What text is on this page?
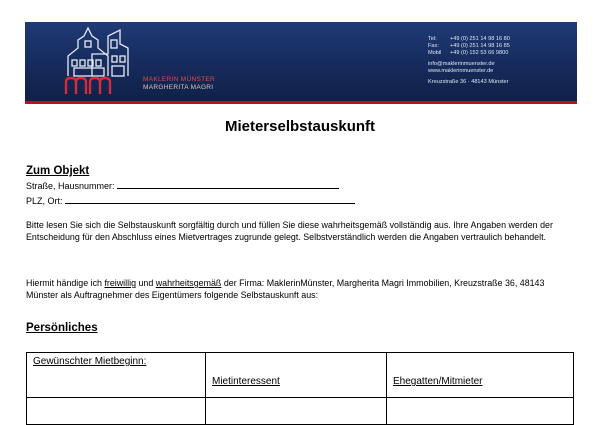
MAKLERIN MÜNSTER
MARGHERITA MAGRI
Tel:	+49 (0) 251 14 98 16 80
Fax:	+49 (0) 251 14 98 16 85
Mobil	+49 (0) 152 53 66 9800
info@maklerinmuenster.de
www.maklerinmuenster.de
Kreuzstraße 36 · 48143 Münster
Mieterselbstauskunft
Zum Objekt
Straße, Hausnummer:
PLZ, Ort:
Bitte lesen Sie sich die Selbstauskunft sorgfältig durch und füllen Sie diese wahrheitsgemäß vollständig aus. Ihre Angaben werden der Entscheidung für den Abschluss eines Mietvertrages zugrunde gelegt. Selbstverständlich werden die Angaben vertraulich behandelt.
Hiermit händige ich freiwillig und wahrheitsgemäß der Firma: MaklerinMünster, Margherita Magri Immobilien, Kreuzstraße 36, 48143 Münster als Auftragnehmer des Eigentümers folgende Selbstauskunft aus:
Persönliches
Gewünschter Mietbeginn:	Mietinteressent	Ehegatten/Mitmieter
